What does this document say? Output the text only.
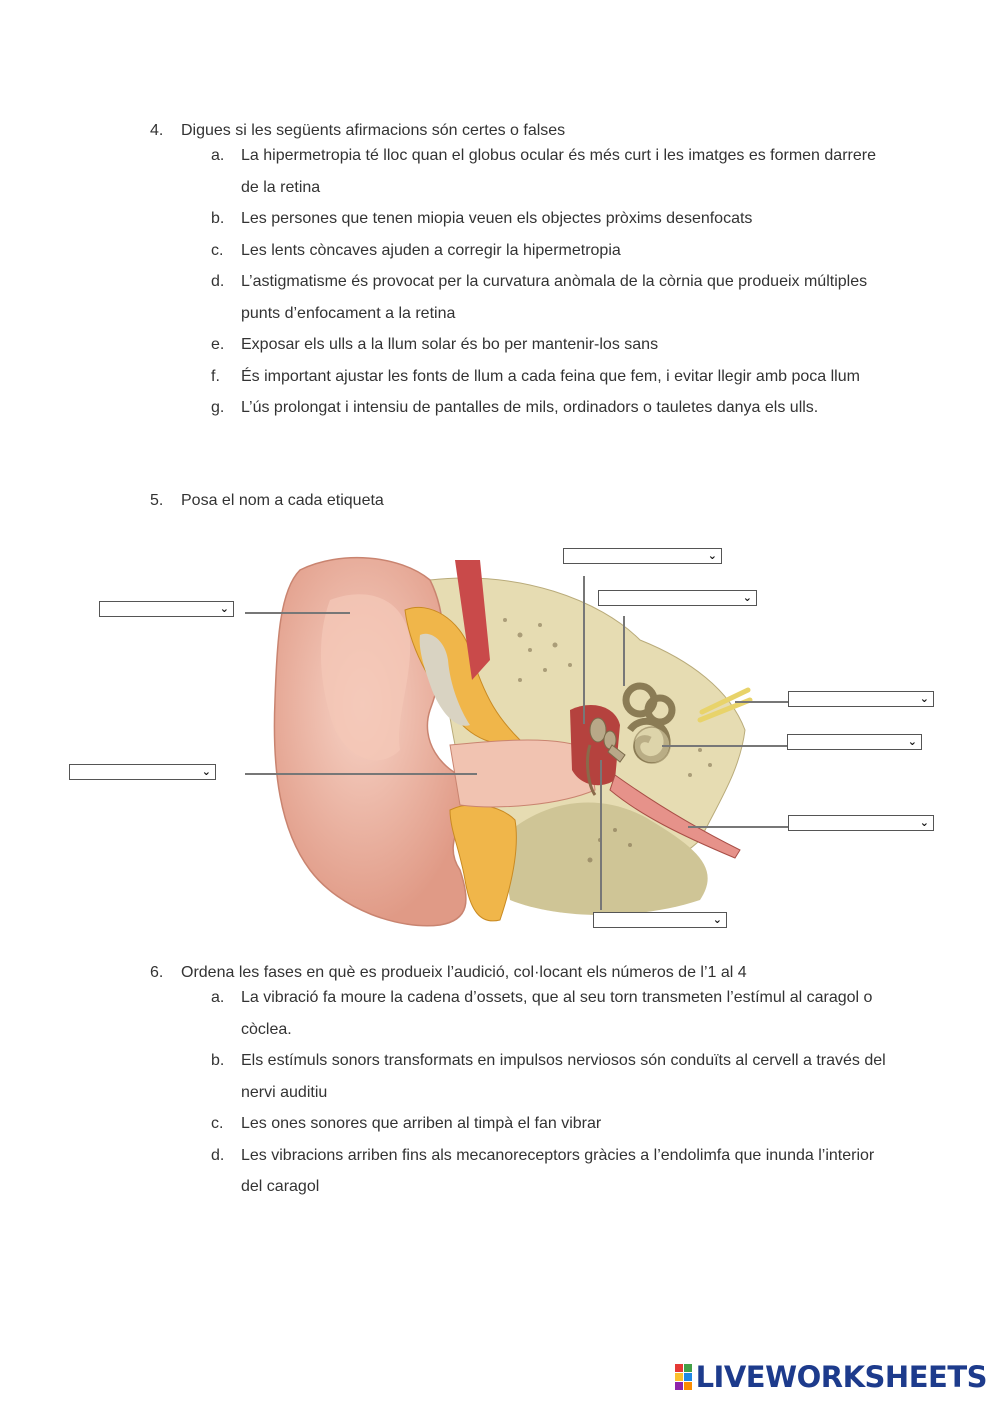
4. Digues si les següents afirmacions són certes o falses
a.	La hipermetropia té lloc quan el globus ocular és més curt i les imatges es formen darrere de la retina
b.	Les persones que tenen miopia veuen els objectes pròxims desenfocats
c.	Les lents còncaves ajuden a corregir la hipermetropia
d.	L’astigmatisme és provocat per la curvatura anòmala de la còrnia que produeix múltiples punts d’enfocament a la retina
e.	Exposar els ulls a la llum solar és bo per mantenir-los sans
f.	És important ajustar les fonts de llum a cada feina que fem, i evitar llegir amb poca llum
g.	L’ús prolongat i intensiu de pantalles de mils, ordinadors o tauletes danya els ulls.
5. Posa el nom a cada etiqueta
⌄
⌄
⌄
⌄
⌄
⌄
⌄
⌄
6. Ordena les fases en què es produeix l’audició, col·locant els números de l’1 al 4
a.	La vibració fa moure la cadena d’ossets, que al seu torn transmeten l’estímul al caragol o còclea.
b.	Els estímuls sonors transformats en impulsos nerviosos són conduïts al cervell a través del nervi auditiu
c.	Les ones sonores que arriben al timpà el fan vibrar
d.	Les vibracions arriben fins als mecanoreceptors gràcies a l’endolimfa que inunda l’interior del caragol
LIVEWORKSHEETS
